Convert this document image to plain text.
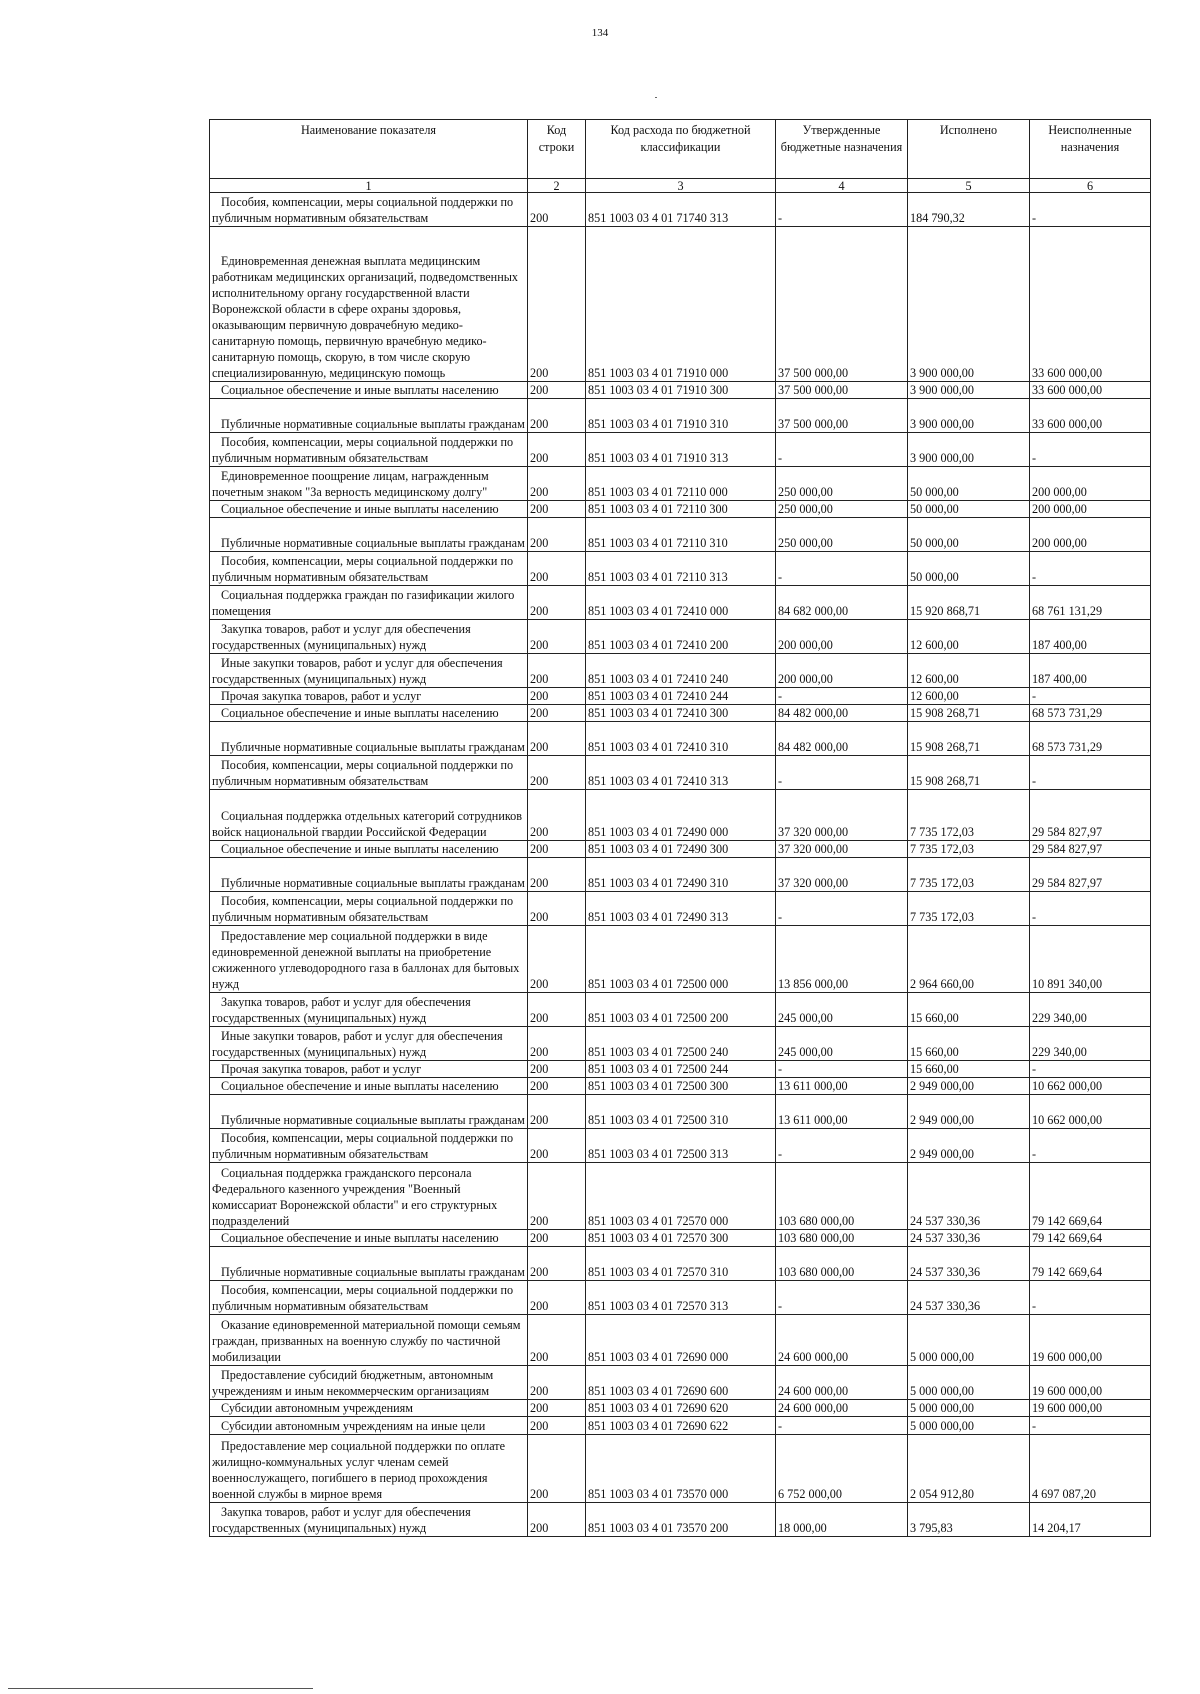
134
Наименование показателя	Код строки	Код расхода по бюджетной классификации	Утвержденные бюджетные назначения	Исполнено	Неисполненные назначения
1	2	3	4	5	6
Пособия, компенсации, меры социальной поддержки по публичным нормативным обязательствам	200	851 1003 03 4 01 71740 313	-	184 790,32	-
Единовременная денежная выплата медицинским работникам медицинских организаций, подведомственных исполнительному органу государственной власти Воронежской области в сфере охраны здоровья, оказывающим первичную доврачебную медико-санитарную помощь, первичную врачебную медико-санитарную помощь, скорую, в том числе скорую специализированную, медицинскую помощь	200	851 1003 03 4 01 71910 000	37 500 000,00	3 900 000,00	33 600 000,00
Социальное обеспечение и иные выплаты населению	200	851 1003 03 4 01 71910 300	37 500 000,00	3 900 000,00	33 600 000,00
Публичные нормативные социальные выплаты гражданам	200	851 1003 03 4 01 71910 310	37 500 000,00	3 900 000,00	33 600 000,00
Пособия, компенсации, меры социальной поддержки по публичным нормативным обязательствам	200	851 1003 03 4 01 71910 313	-	3 900 000,00	-
Единовременное поощрение лицам, награжденным почетным знаком "За верность медицинскому долгу"	200	851 1003 03 4 01 72110 000	250 000,00	50 000,00	200 000,00
Социальное обеспечение и иные выплаты населению	200	851 1003 03 4 01 72110 300	250 000,00	50 000,00	200 000,00
Публичные нормативные социальные выплаты гражданам	200	851 1003 03 4 01 72110 310	250 000,00	50 000,00	200 000,00
Пособия, компенсации, меры социальной поддержки по публичным нормативным обязательствам	200	851 1003 03 4 01 72110 313	-	50 000,00	-
Социальная поддержка граждан по газификации жилого помещения	200	851 1003 03 4 01 72410 000	84 682 000,00	15 920 868,71	68 761 131,29
Закупка товаров, работ и услуг для обеспечения государственных (муниципальных) нужд	200	851 1003 03 4 01 72410 200	200 000,00	12 600,00	187 400,00
Иные закупки товаров, работ и услуг для обеспечения государственных (муниципальных) нужд	200	851 1003 03 4 01 72410 240	200 000,00	12 600,00	187 400,00
Прочая закупка товаров, работ и услуг	200	851 1003 03 4 01 72410 244	-	12 600,00	-
Социальное обеспечение и иные выплаты населению	200	851 1003 03 4 01 72410 300	84 482 000,00	15 908 268,71	68 573 731,29
Публичные нормативные социальные выплаты гражданам	200	851 1003 03 4 01 72410 310	84 482 000,00	15 908 268,71	68 573 731,29
Пособия, компенсации, меры социальной поддержки по публичным нормативным обязательствам	200	851 1003 03 4 01 72410 313	-	15 908 268,71	-
Социальная поддержка отдельных категорий сотрудников войск национальной гвардии Российской Федерации	200	851 1003 03 4 01 72490 000	37 320 000,00	7 735 172,03	29 584 827,97
Социальное обеспечение и иные выплаты населению	200	851 1003 03 4 01 72490 300	37 320 000,00	7 735 172,03	29 584 827,97
Публичные нормативные социальные выплаты гражданам	200	851 1003 03 4 01 72490 310	37 320 000,00	7 735 172,03	29 584 827,97
Пособия, компенсации, меры социальной поддержки по публичным нормативным обязательствам	200	851 1003 03 4 01 72490 313	-	7 735 172,03	-
Предоставление мер социальной поддержки в виде единовременной денежной выплаты на приобретение сжиженного углеводородного газа в баллонах для бытовых нужд	200	851 1003 03 4 01 72500 000	13 856 000,00	2 964 660,00	10 891 340,00
Закупка товаров, работ и услуг для обеспечения государственных (муниципальных) нужд	200	851 1003 03 4 01 72500 200	245 000,00	15 660,00	229 340,00
Иные закупки товаров, работ и услуг для обеспечения государственных (муниципальных) нужд	200	851 1003 03 4 01 72500 240	245 000,00	15 660,00	229 340,00
Прочая закупка товаров, работ и услуг	200	851 1003 03 4 01 72500 244	-	15 660,00	-
Социальное обеспечение и иные выплаты населению	200	851 1003 03 4 01 72500 300	13 611 000,00	2 949 000,00	10 662 000,00
Публичные нормативные социальные выплаты гражданам	200	851 1003 03 4 01 72500 310	13 611 000,00	2 949 000,00	10 662 000,00
Пособия, компенсации, меры социальной поддержки по публичным нормативным обязательствам	200	851 1003 03 4 01 72500 313	-	2 949 000,00	-
Социальная поддержка гражданского персонала Федерального казенного учреждения "Военный комиссариат Воронежской области" и его структурных подразделений	200	851 1003 03 4 01 72570 000	103 680 000,00	24 537 330,36	79 142 669,64
Социальное обеспечение и иные выплаты населению	200	851 1003 03 4 01 72570 300	103 680 000,00	24 537 330,36	79 142 669,64
Публичные нормативные социальные выплаты гражданам	200	851 1003 03 4 01 72570 310	103 680 000,00	24 537 330,36	79 142 669,64
Пособия, компенсации, меры социальной поддержки по публичным нормативным обязательствам	200	851 1003 03 4 01 72570 313	-	24 537 330,36	-
Оказание единовременной материальной помощи семьям граждан, призванных на военную службу по частичной мобилизации	200	851 1003 03 4 01 72690 000	24 600 000,00	5 000 000,00	19 600 000,00
Предоставление субсидий бюджетным, автономным учреждениям и иным некоммерческим организациям	200	851 1003 03 4 01 72690 600	24 600 000,00	5 000 000,00	19 600 000,00
Субсидии автономным учреждениям	200	851 1003 03 4 01 72690 620	24 600 000,00	5 000 000,00	19 600 000,00
Субсидии автономным учреждениям на иные цели	200	851 1003 03 4 01 72690 622	-	5 000 000,00	-
Предоставление мер социальной поддержки по оплате жилищно-коммунальных услуг членам семей военнослужащего, погибшего в период прохождения военной службы в мирное время	200	851 1003 03 4 01 73570 000	6 752 000,00	2 054 912,80	4 697 087,20
Закупка товаров, работ и услуг для обеспечения государственных (муниципальных) нужд	200	851 1003 03 4 01 73570 200	18 000,00	3 795,83	14 204,17
